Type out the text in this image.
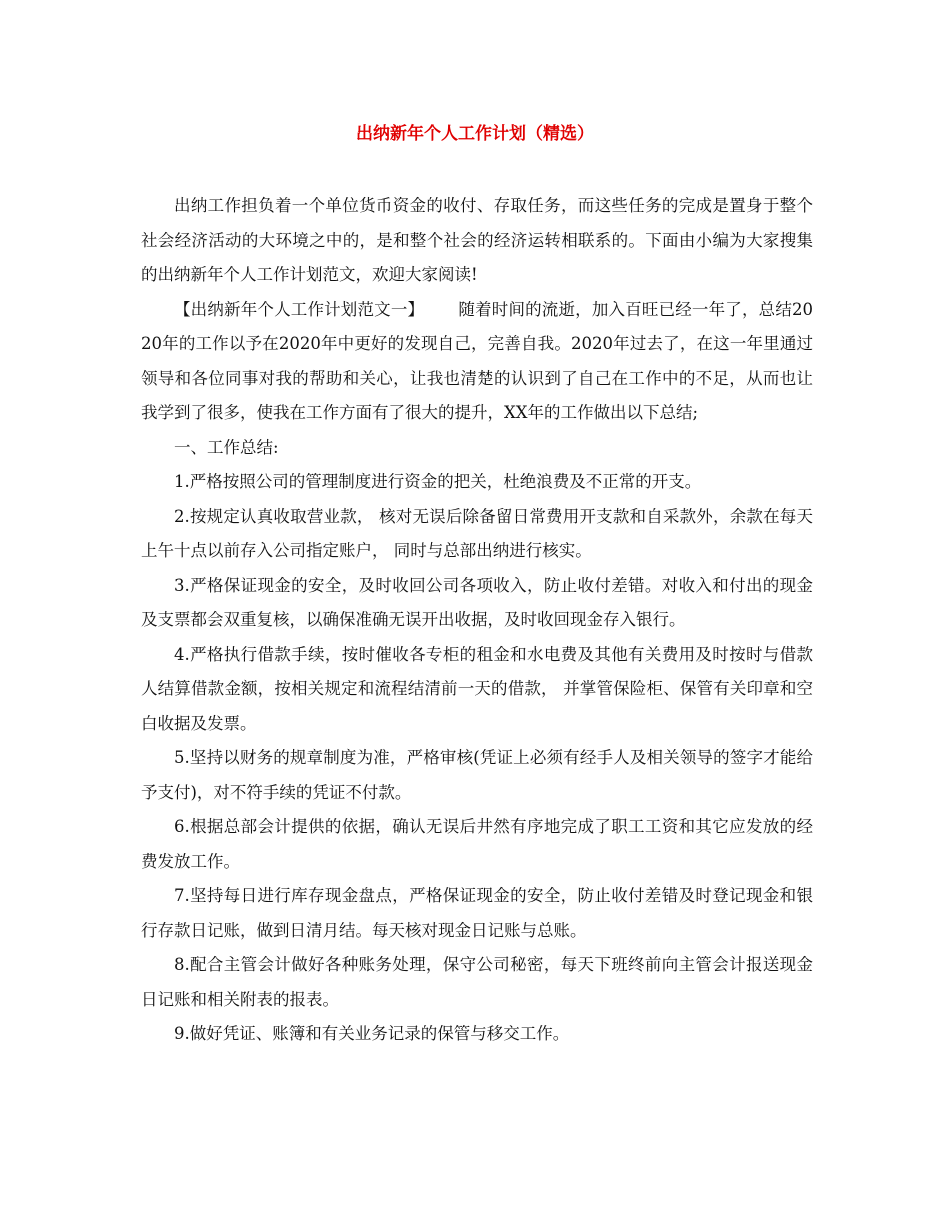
出纳新年个人工作计划（精选）

出纳工作担负着一个单位货币资金的收付、存取任务，而这些任务的完成是置身于整个社会经济活动的大环境之中的，是和整个社会的经济运转相联系的。下面由小编为大家搜集的出纳新年个人工作计划范文，欢迎大家阅读!

【出纳新年个人工作计划范文一】 随着时间的流逝，加入百旺已经一年了，总结2020年的工作以予在2020年中更好的发现自己，完善自我。2020年过去了，在这一年里通过领导和各位同事对我的帮助和关心，让我也清楚的认识到了自己在工作中的不足，从而也让我学到了很多，使我在工作方面有了很大的提升，XX年的工作做出以下总结;

一、工作总结:

1.严格按照公司的管理制度进行资金的把关，杜绝浪费及不正常的开支。

2.按规定认真收取营业款， 核对无误后除备留日常费用开支款和自采款外，余款在每天上午十点以前存入公司指定账户， 同时与总部出纳进行核实。

3.严格保证现金的安全，及时收回公司各项收入，防止收付差错。对收入和付出的现金及支票都会双重复核，以确保准确无误开出收据，及时收回现金存入银行。

4.严格执行借款手续，按时催收各专柜的租金和水电费及其他有关费用及时按时与借款人结算借款金额，按相关规定和流程结清前一天的借款， 并掌管保险柜、保管有关印章和空白收据及发票。

5.坚持以财务的规章制度为准，严格审核(凭证上必须有经手人及相关领导的签字才能给予支付)，对不符手续的凭证不付款。

6.根据总部会计提供的依据，确认无误后井然有序地完成了职工工资和其它应发放的经费发放工作。

7.坚持每日进行库存现金盘点，严格保证现金的安全，防止收付差错及时登记现金和银行存款日记账，做到日清月结。每天核对现金日记账与总账。

8.配合主管会计做好各种账务处理，保守公司秘密，每天下班终前向主管会计报送现金日记账和相关附表的报表。

9.做好凭证、账簿和有关业务记录的保管与移交工作。
